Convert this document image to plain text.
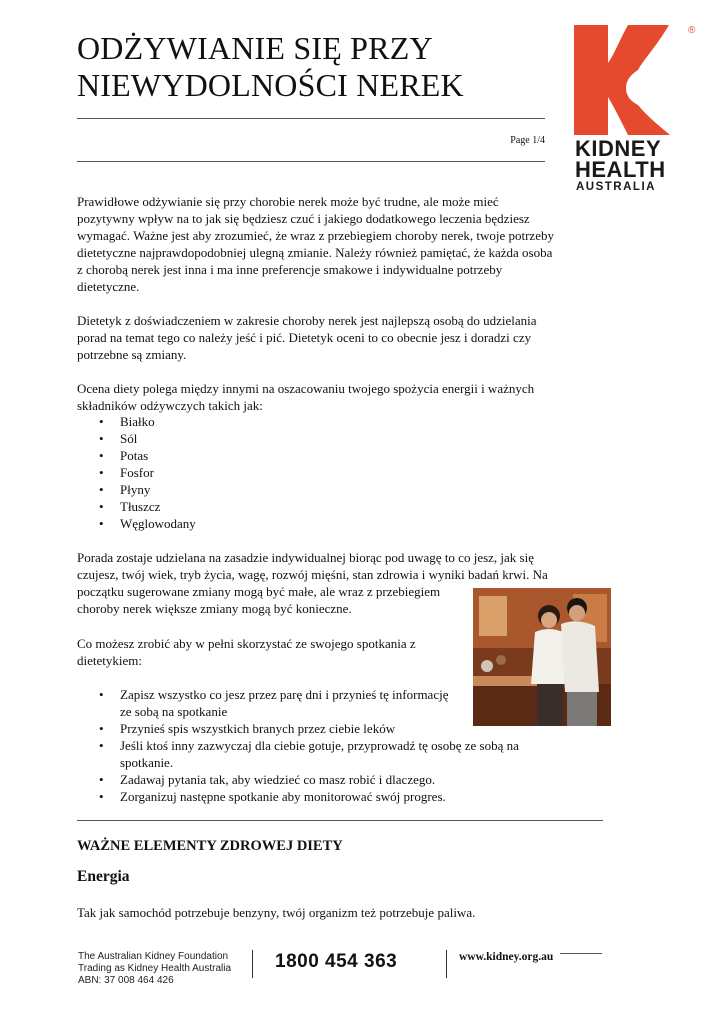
ODŻYWIANIE SIĘ PRZY
NIEWYDOLNOŚCI NEREK
Page 1/4
®
KIDNEY
HEALTH
AUSTRALIA

Prawidłowe odżywianie się przy chorobie nerek może być trudne, ale może mieć pozytywny wpływ na to jak się będziesz czuć i jakiego dodatkowego leczenia będziesz wymagać. Ważne jest aby zrozumieć, że wraz z przebiegiem choroby nerek, twoje potrzeby dietetyczne najprawdopodobniej ulegną zmianie. Należy również pamiętać, że każda osoba z chorobą nerek jest inna i ma inne preferencje smakowe i indywidualne potrzeby dietetyczne.

Dietetyk z doświadczeniem w zakresie choroby nerek jest najlepszą osobą do udzielania porad na temat tego co należy jeść i pić. Dietetyk oceni to co obecnie jesz i doradzi czy potrzebne są zmiany.

Ocena diety polega między innymi na oszacowaniu twojego spożycia energii i ważnych składników odżywczych takich jak:

• Białko
• Sól
• Potas
• Fosfor
• Płyny
• Tłuszcz
• Węglowodany
Porada zostaje udzielana na zasadzie indywidualnej biorąc pod uwagę to co jesz, jak się
czujesz, twój wiek, tryb życia, wagę, rozwój mięśni, stan zdrowia i wyniki badań krwi. Na
początku sugerowane zmiany mogą być małe, ale wraz z przebiegiem
choroby nerek większe zmiany mogą być konieczne.
Co możesz zrobić aby w pełni skorzystać ze swojego spotkania z
dietetykiem:
• Zapisz wszystko co jesz przez parę dni i przynieś tę informację ze sobą na spotkanie
• Przynieś spis wszystkich branych przez ciebie leków
• Jeśli ktoś inny zazwyczaj dla ciebie gotuje, przyprowadź tę osobę ze sobą na spotkanie.
• Zadawaj pytania tak, aby wiedzieć co masz robić i dlaczego.
• Zorganizuj następne spotkanie aby monitorować swój progres.
WAŻNE ELEMENTY ZDROWEJ DIETY
Energia

Tak jak samochód potrzebuje benzyny, twój organizm też potrzebuje paliwa.

The Australian Kidney Foundation
Trading as Kidney Health Australia
ABN: 37 008 464 426
1800 454 363	www.kidney.org.au
